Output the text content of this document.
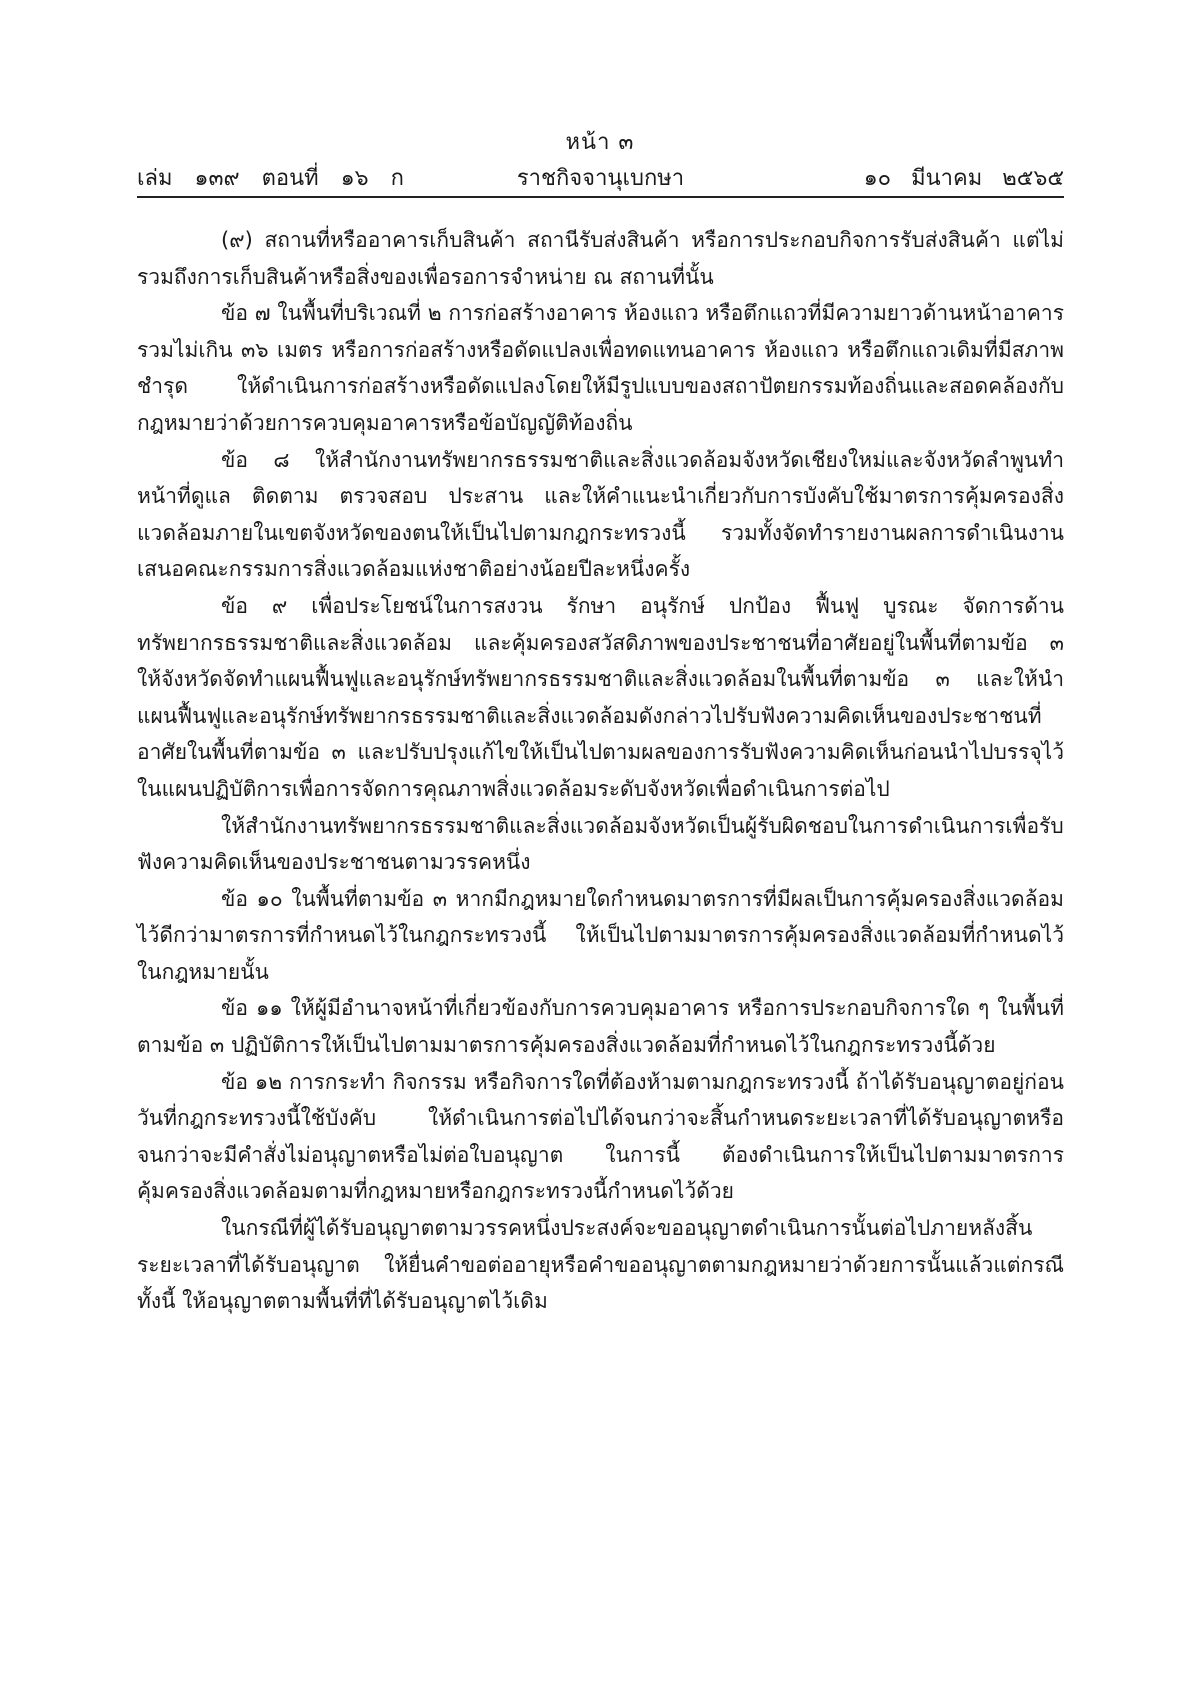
หน้า ๓
เล่ม ๑๓๙ ตอนที่ ๑๖ ก	ราชกิจจานุเบกษา	๑๐ มีนาคม ๒๕๖๕

(๙) สถานที่หรืออาคารเก็บสินค้า สถานีรับส่งสินค้า หรือการประกอบกิจการรับส่งสินค้า แต่ไม่รวมถึงการเก็บสินค้าหรือสิ่งของเพื่อรอการจำหน่าย ณ สถานที่นั้น

ข้อ ๗ ในพื้นที่บริเวณที่ ๒ การก่อสร้างอาคาร ห้องแถว หรือตึกแถวที่มีความยาวด้านหน้าอาคารรวมไม่เกิน ๓๖ เมตร หรือการก่อสร้างหรือดัดแปลงเพื่อทดแทนอาคาร ห้องแถว หรือตึกแถวเดิมที่มีสภาพชำรุด ให้ดำเนินการก่อสร้างหรือดัดแปลงโดยให้มีรูปแบบของสถาปัตยกรรมท้องถิ่นและสอดคล้องกับกฎหมายว่าด้วยการควบคุมอาคารหรือข้อบัญญัติท้องถิ่น

ข้อ ๘ ให้สำนักงานทรัพยากรธรรมชาติและสิ่งแวดล้อมจังหวัดเชียงใหม่และจังหวัดลำพูนทำหน้าที่ดูแล ติดตาม ตรวจสอบ ประสาน และให้คำแนะนำเกี่ยวกับการบังคับใช้มาตรการคุ้มครองสิ่งแวดล้อมภายในเขตจังหวัดของตนให้เป็นไปตามกฎกระทรวงนี้ รวมทั้งจัดทำรายงานผลการดำเนินงานเสนอคณะกรรมการสิ่งแวดล้อมแห่งชาติอย่างน้อยปีละหนึ่งครั้ง

ข้อ ๙ เพื่อประโยชน์ในการสงวน รักษา อนุรักษ์ ปกป้อง ฟื้นฟู บูรณะ จัดการด้านทรัพยากรธรรมชาติและสิ่งแวดล้อม และคุ้มครองสวัสดิภาพของประชาชนที่อาศัยอยู่ในพื้นที่ตามข้อ ๓ ให้จังหวัดจัดทำแผนฟื้นฟูและอนุรักษ์ทรัพยากรธรรมชาติและสิ่งแวดล้อมในพื้นที่ตามข้อ ๓ และให้นำแผนฟื้นฟูและอนุรักษ์ทรัพยากรธรรมชาติและสิ่งแวดล้อมดังกล่าวไปรับฟังความคิดเห็นของประชาชนที่อาศัยในพื้นที่ตามข้อ ๓ และปรับปรุงแก้ไขให้เป็นไปตามผลของการรับฟังความคิดเห็นก่อนนำไปบรรจุไว้ในแผนปฏิบัติการเพื่อการจัดการคุณภาพสิ่งแวดล้อมระดับจังหวัดเพื่อดำเนินการต่อไป

ให้สำนักงานทรัพยากรธรรมชาติและสิ่งแวดล้อมจังหวัดเป็นผู้รับผิดชอบในการดำเนินการเพื่อรับฟังความคิดเห็นของประชาชนตามวรรคหนึ่ง

ข้อ ๑๐ ในพื้นที่ตามข้อ ๓ หากมีกฎหมายใดกำหนดมาตรการที่มีผลเป็นการคุ้มครองสิ่งแวดล้อมไว้ดีกว่ามาตรการที่กำหนดไว้ในกฎกระทรวงนี้ ให้เป็นไปตามมาตรการคุ้มครองสิ่งแวดล้อมที่กำหนดไว้ในกฎหมายนั้น

ข้อ ๑๑ ให้ผู้มีอำนาจหน้าที่เกี่ยวข้องกับการควบคุมอาคาร หรือการประกอบกิจการใด ๆ ในพื้นที่ตามข้อ ๓ ปฏิบัติการให้เป็นไปตามมาตรการคุ้มครองสิ่งแวดล้อมที่กำหนดไว้ในกฎกระทรวงนี้ด้วย

ข้อ ๑๒ การกระทำ กิจกรรม หรือกิจการใดที่ต้องห้ามตามกฎกระทรวงนี้ ถ้าได้รับอนุญาตอยู่ก่อนวันที่กฎกระทรวงนี้ใช้บังคับ ให้ดำเนินการต่อไปได้จนกว่าจะสิ้นกำหนดระยะเวลาที่ได้รับอนุญาตหรือจนกว่าจะมีคำสั่งไม่อนุญาตหรือไม่ต่อใบอนุญาต ในการนี้ ต้องดำเนินการให้เป็นไปตามมาตรการคุ้มครองสิ่งแวดล้อมตามที่กฎหมายหรือกฎกระทรวงนี้กำหนดไว้ด้วย

ในกรณีที่ผู้ได้รับอนุญาตตามวรรคหนึ่งประสงค์จะขออนุญาตดำเนินการนั้นต่อไปภายหลังสิ้นระยะเวลาที่ได้รับอนุญาต ให้ยื่นคำขอต่ออายุหรือคำขออนุญาตตามกฎหมายว่าด้วยการนั้นแล้วแต่กรณี ทั้งนี้ ให้อนุญาตตามพื้นที่ที่ได้รับอนุญาตไว้เดิม
